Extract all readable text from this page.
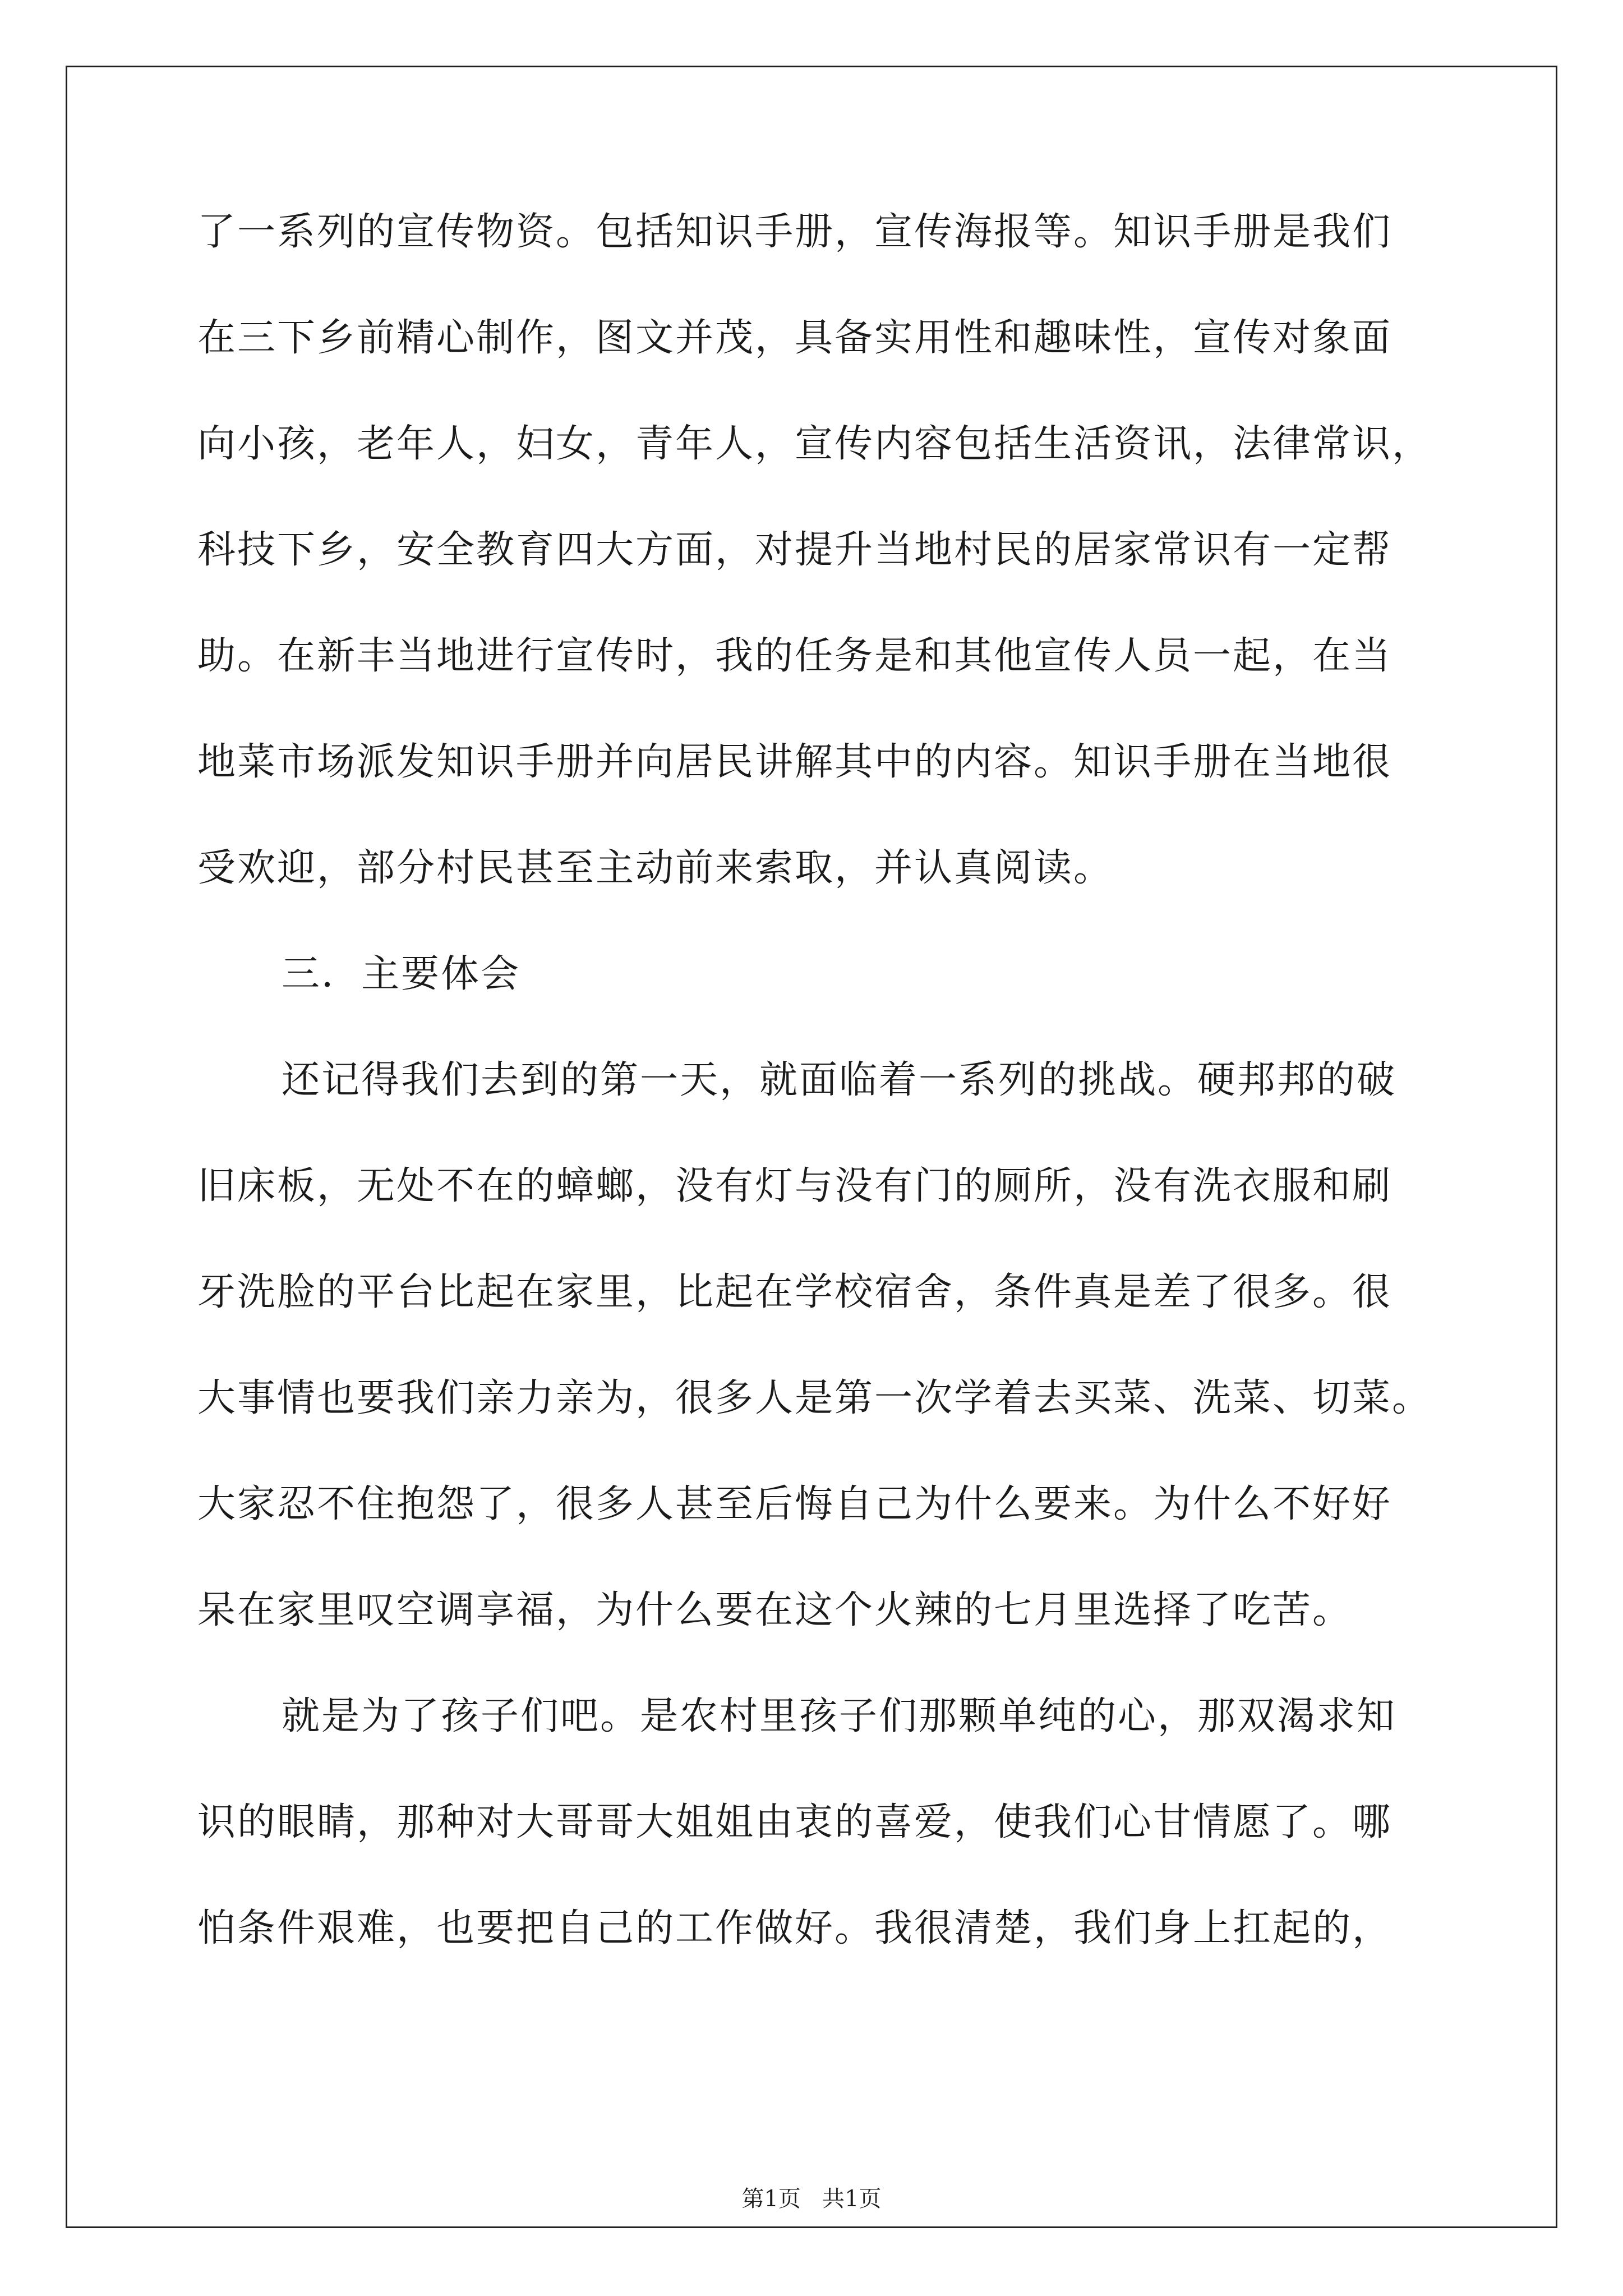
了一系列的宣传物资。包括知识手册，宣传海报等。知识手册是我们
在三下乡前精心制作，图文并茂，具备实用性和趣味性，宣传对象面
向小孩，老年人，妇女，青年人，宣传内容包括生活资讯，法律常识，
科技下乡，安全教育四大方面，对提升当地村民的居家常识有一定帮
助。在新丰当地进行宣传时，我的任务是和其他宣传人员一起，在当
地菜市场派发知识手册并向居民讲解其中的内容。知识手册在当地很
受欢迎，部分村民甚至主动前来索取，并认真阅读。
三．主要体会
还记得我们去到的第一天，就面临着一系列的挑战。硬邦邦的破
旧床板，无处不在的蟑螂，没有灯与没有门的厕所，没有洗衣服和刷
牙洗脸的平台比起在家里，比起在学校宿舍，条件真是差了很多。很
大事情也要我们亲力亲为，很多人是第一次学着去买菜、洗菜、切菜。
大家忍不住抱怨了，很多人甚至后悔自己为什么要来。为什么不好好
呆在家里叹空调享福，为什么要在这个火辣的七月里选择了吃苦。
就是为了孩子们吧。是农村里孩子们那颗单纯的心，那双渴求知
识的眼睛，那种对大哥哥大姐姐由衷的喜爱，使我们心甘情愿了。哪
怕条件艰难，也要把自己的工作做好。我很清楚，我们身上扛起的，
第1页   共1页
